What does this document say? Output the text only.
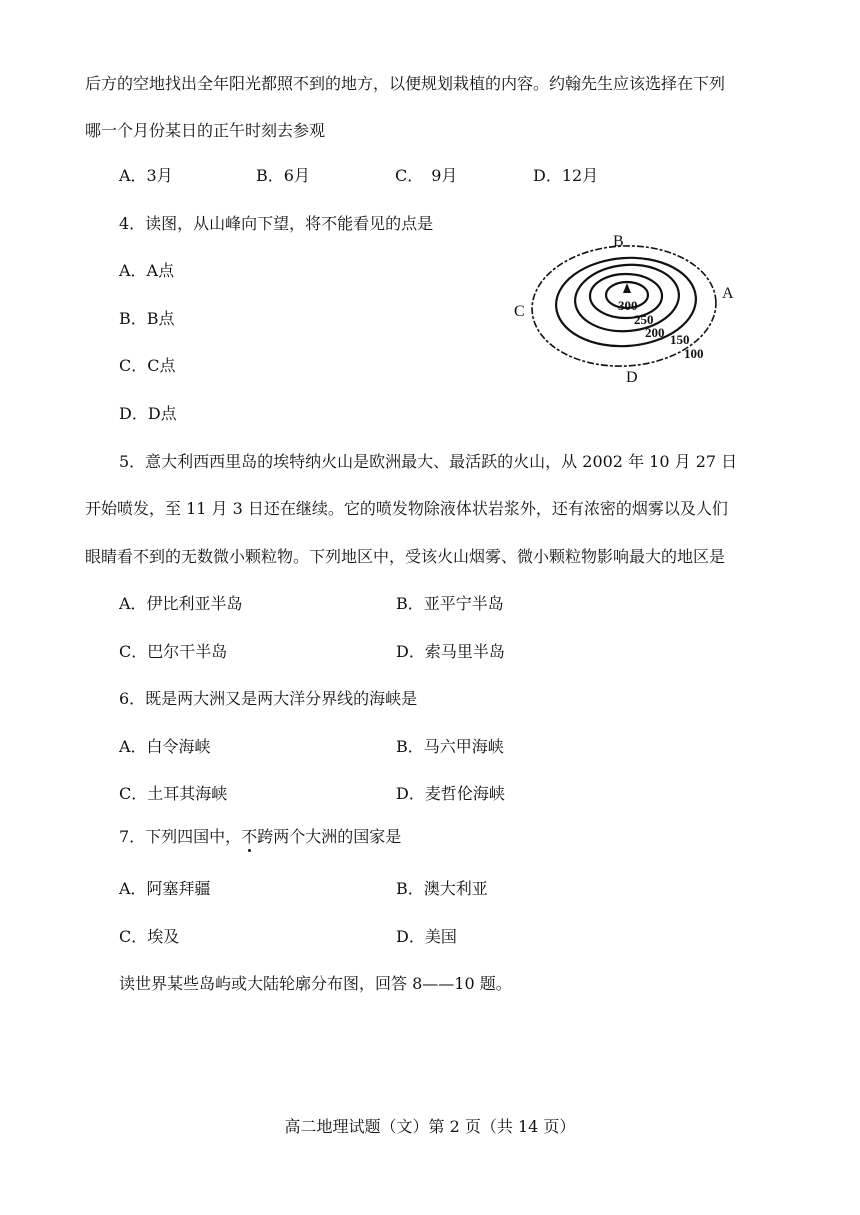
后方的空地找出全年阳光都照不到的地方，以便规划栽植的内容。约翰先生应该选择在下列
哪一个月份某日的正午时刻去参观
A．3月	B．6月	C．　9月	D．12月
4．读图，从山峰向下望，将不能看见的点是
A．A点
B．B点
C．C点
D．D点
300
250
200 150
100
A
B
C
D
5．意大利西西里岛的埃特纳火山是欧洲最大、最活跃的火山，从 2002 年 10 月 27 日
开始喷发，至 11 月 3 日还在继续。它的喷发物除液体状岩浆外，还有浓密的烟雾以及人们
眼睛看不到的无数微小颗粒物。下列地区中，受该火山烟雾、微小颗粒物影响最大的地区是
A．伊比利亚半岛	B．亚平宁半岛
C．巴尔干半岛	D．索马里半岛
6．既是两大洲又是两大洋分界线的海峡是
A．白令海峡	B．马六甲海峡
C．土耳其海峡	D．麦哲伦海峡
7．下列四国中，不跨两个大洲的国家是
A．阿塞拜疆	B．澳大利亚
C．埃及	D．美国
读世界某些岛屿或大陆轮廓分布图，回答 8——10 题。
高二地理试题（文）第 2 页（共 14 页）
